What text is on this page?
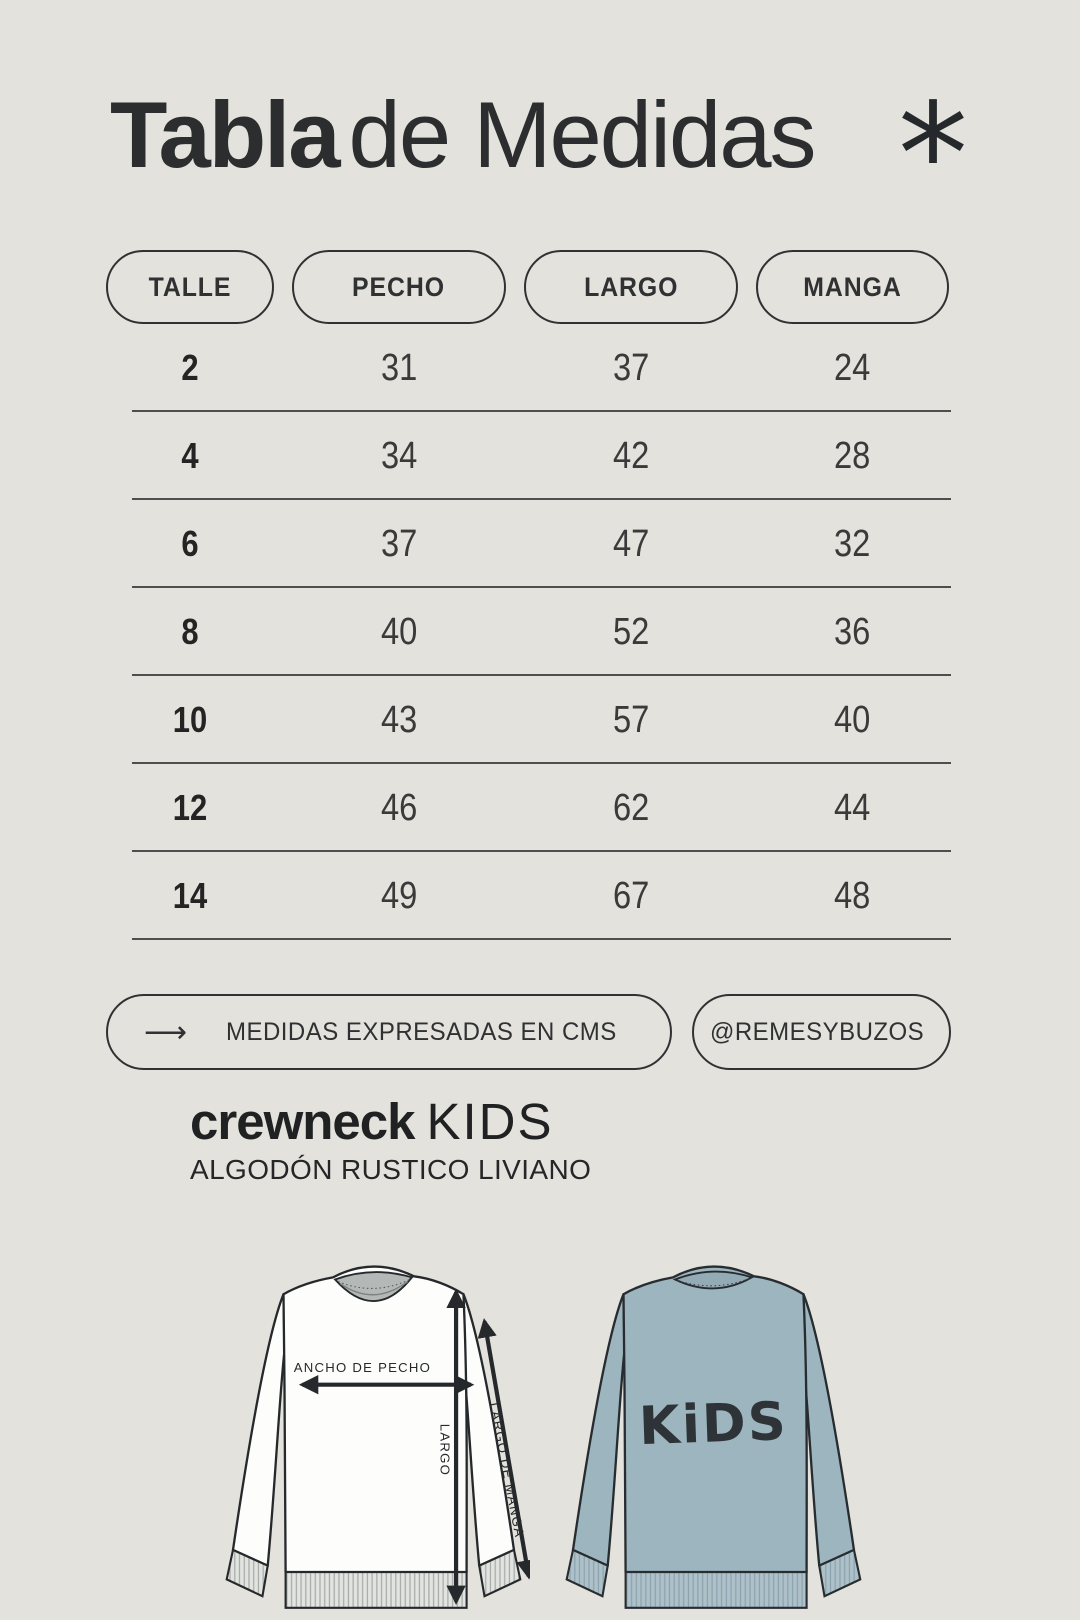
Tabla de Medidas *
TALLE	PECHO	LARGO	MANGA
2	31	37	24
4	34	42	28
6	37	47	32
8	40	52	36
10	43	57	40
12	46	62	44
14	49	67	48
⟶ MEDIDAS EXPRESADAS EN CMS	@REMESYBUZOS
crewneck KIDS
ALGODÓN RUSTICO LIVIANO
ANCHO DE PECHO
LARGO	LARGO DE MANGA KiDS
